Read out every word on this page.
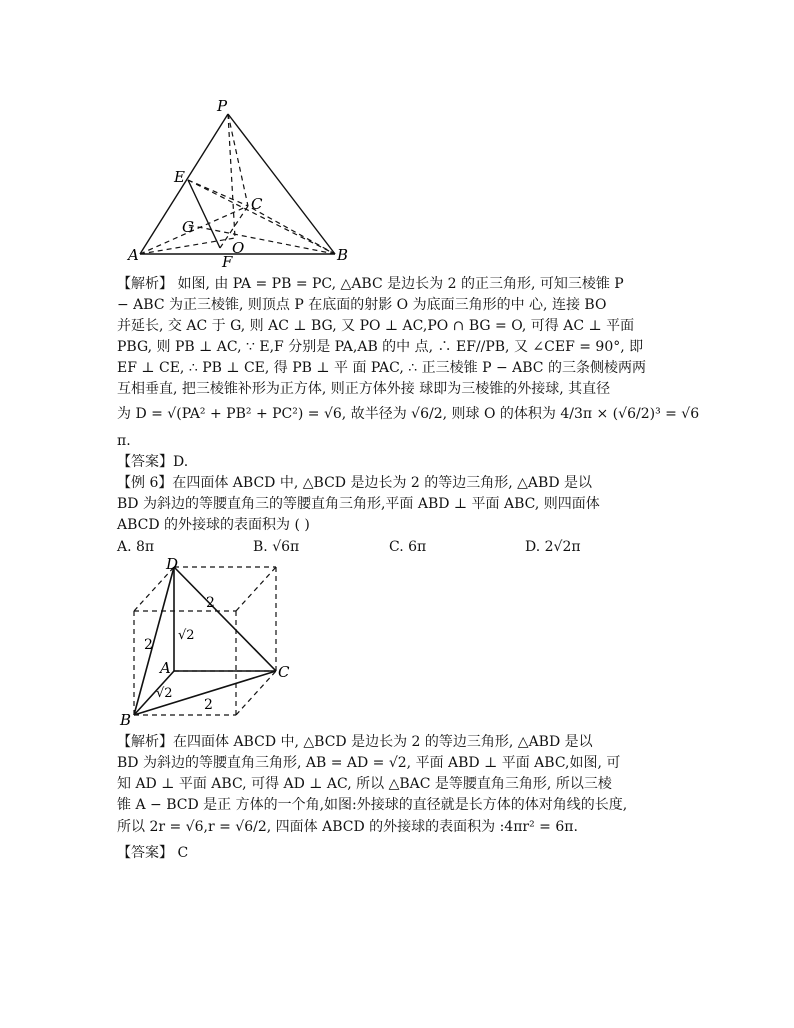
P
E
C
G
O
A	B
F
【解析】 如图, 由 PA = PB = PC, △ABC 是边长为 2 的正三角形, 可知三棱锥 P
− ABC 为正三棱锥, 则顶点 P 在底面的射影 O 为底面三角形的中 心, 连接 BO
并延长, 交 AC 于 G, 则 AC ⊥ BG, 又 PO ⊥ AC,PO ∩ BG = O, 可得 AC ⊥ 平面
PBG, 则 PB ⊥ AC, ∵ E,F 分别是 PA,AB 的中 点, ∴ EF//PB, 又 ∠CEF = 90°, 即
EF ⊥ CE, ∴ PB ⊥ CE, 得 PB ⊥ 平 面 PAC, ∴ 正三棱锥 P − ABC 的三条侧棱两两
互相垂直, 把三棱锥补形为正方体, 则正方体外接 球即为三棱锥的外接球, 其直径
为 D = √(PA² + PB² + PC²) = √6, 故半径为 √6/2, 则球 O 的体积为 4/3π × (√6/2)³ = √6
π.
【答案】D.
【例 6】在四面体 ABCD 中, △BCD 是边长为 2 的等边三角形, △ABD 是以
BD 为斜边的等腰直角三的等腰直角三角形,平面 ABD ⊥ 平面 ABC, 则四面体
ABCD 的外接球的表面积为 ( )
A. 8π	B. √6π	C. 6π	D. 2√2π
D
A
B
C
2
2
√2
√2
2
【解析】在四面体 ABCD 中, △BCD 是边长为 2 的等边三角形, △ABD 是以
BD 为斜边的等腰直角三角形, AB = AD = √2, 平面 ABD ⊥ 平面 ABC,如图, 可
知 AD ⊥ 平面 ABC, 可得 AD ⊥ AC, 所以 △BAC 是等腰直角三角形, 所以三棱
锥 A − BCD 是正 方体的一个角,如图:外接球的直径就是长方体的体对角线的长度,
所以 2r = √6,r = √6/2, 四面体 ABCD 的外接球的表面积为 :4πr² = 6π.
【答案】 C
